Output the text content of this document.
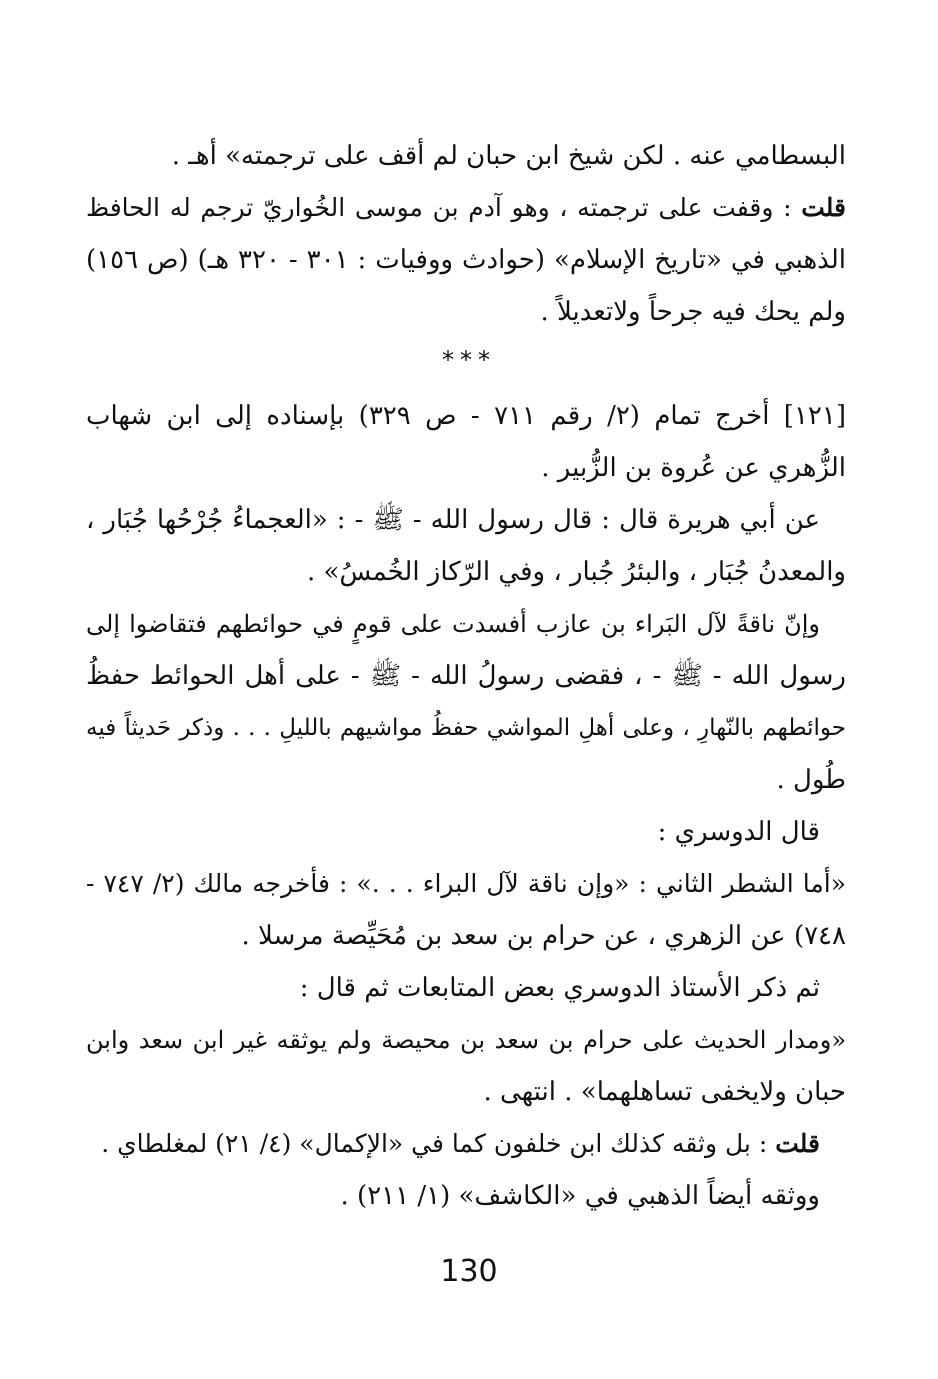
البسطامي عنه . لكن شيخ ابن حبان لم أقف على ترجمته» أهـ .
قلت : وقفت على ترجمته ، وهو آدم بن موسى الخُواريّ ترجم له الحافظ
الذهبي في «تاريخ الإسلام» (حوادث ووفيات : ٣٠١ - ٣٢٠ هـ) (ص ١٥٦)
ولم يحك فيه جرحاً ولاتعديلاً .
***
[١٢١] أخرج تمام (٢/ رقم ٧١١ - ص ٣٢٩) بإسناده إلى ابن شهاب
الزُّهري عن عُروة بن الزُّبير .
عن أبي هريرة قال : قال رسول الله - ﷺ - : «العجماءُ جُرْحُها جُبَار ،
والمعدنُ جُبَار ، والبئرُ جُبار ، وفي الرّكاز الخُمسُ» .
وإنّ ناقةً لآل البَراء بن عازب أفسدت على قومٍ في حوائطهم فتقاضوا إلى
رسول الله - ﷺ - ، فقضى رسولُ الله - ﷺ - على أهل الحوائط حفظُ
حوائطهم بالنّهارِ ، وعلى أهلِ المواشي حفظُ مواشيهم بالليلِ . . . وذكر حَديثاً فيه
طُول .
قال الدوسري :
«أما الشطر الثاني : «وإن ناقة لآل البراء . . .» : فأخرجه مالك (٢/ ٧٤٧ -
٧٤٨) عن الزهري ، عن حرام بن سعد بن مُحَيِّصة مرسلا .
ثم ذكر الأستاذ الدوسري بعض المتابعات ثم قال :
«ومدار الحديث على حرام بن سعد بن محيصة ولم يوثقه غير ابن سعد وابن
حبان ولايخفى تساهلهما» . انتهى .
قلت : بل وثقه كذلك ابن خلفون كما في «الإكمال» (٤/ ٢١) لمغلطاي .
ووثقه أيضاً الذهبي في «الكاشف» (١/ ٢١١) .
130
